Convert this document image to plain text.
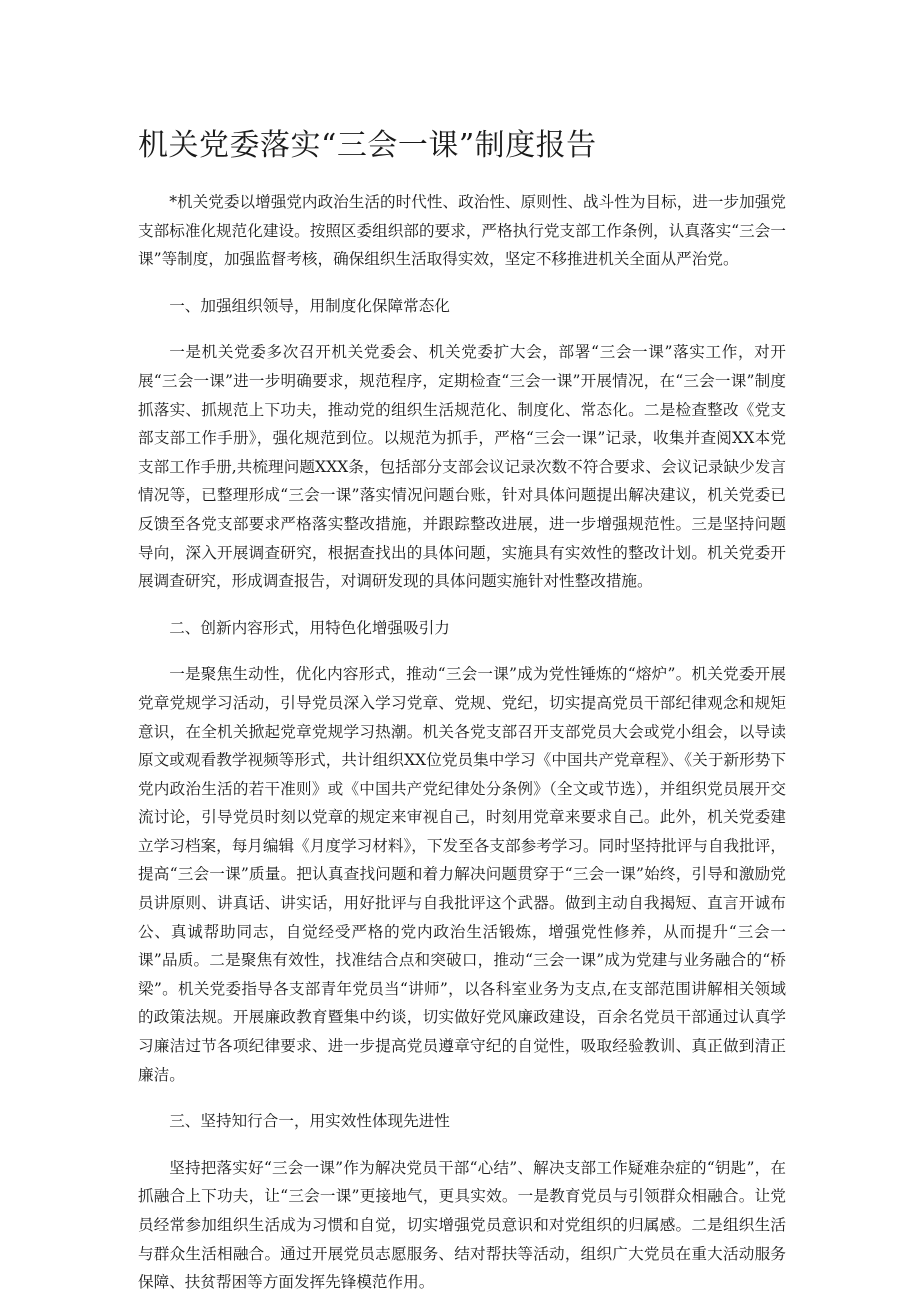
机关党委落实“三会一课”制度报告

*机关党委以增强党内政治生活的时代性、政治性、原则性、战斗性为目标，进一步加强党支部标准化规范化建设。按照区委组织部的要求，严格执行党支部工作条例，认真落实“三会一课”等制度，加强监督考核，确保组织生活取得实效，坚定不移推进机关全面从严治党。

一、加强组织领导，用制度化保障常态化

一是机关党委多次召开机关党委会、机关党委扩大会，部署“三会一课”落实工作，对开展“三会一课”进一步明确要求，规范程序，定期检查“三会一课”开展情况，在“三会一课”制度抓落实、抓规范上下功夫，推动党的组织生活规范化、制度化、常态化。二是检查整改《党支部支部工作手册》，强化规范到位。以规范为抓手，严格“三会一课”记录，收集并查阅XX本党支部工作手册,共梳理问题XXX条，包括部分支部会议记录次数不符合要求、会议记录缺少发言情况等，已整理形成“三会一课”落实情况问题台账，针对具体问题提出解决建议，机关党委已反馈至各党支部要求严格落实整改措施，并跟踪整改进展，进一步增强规范性。三是坚持问题导向，深入开展调查研究，根据查找出的具体问题，实施具有实效性的整改计划。机关党委开展调查研究，形成调查报告，对调研发现的具体问题实施针对性整改措施。

二、创新内容形式，用特色化增强吸引力

一是聚焦生动性，优化内容形式，推动“三会一课”成为党性锤炼的“熔炉”。机关党委开展党章党规学习活动，引导党员深入学习党章、党规、党纪，切实提高党员干部纪律观念和规矩意识，在全机关掀起党章党规学习热潮。机关各党支部召开支部党员大会或党小组会，以导读原文或观看教学视频等形式，共计组织XX位党员集中学习《中国共产党章程》、《关于新形势下党内政治生活的若干准则》或《中国共产党纪律处分条例》（全文或节选），并组织党员展开交流讨论，引导党员时刻以党章的规定来审视自己，时刻用党章来要求自己。此外，机关党委建立学习档案，每月编辑《月度学习材料》，下发至各支部参考学习。同时坚持批评与自我批评，提高“三会一课”质量。把认真查找问题和着力解决问题贯穿于“三会一课”始终，引导和激励党员讲原则、讲真话、讲实话，用好批评与自我批评这个武器。做到主动自我揭短、直言开诚布公、真诚帮助同志，自觉经受严格的党内政治生活锻炼，增强党性修养，从而提升“三会一课”品质。二是聚焦有效性，找准结合点和突破口，推动“三会一课”成为党建与业务融合的“桥梁”。机关党委指导各支部青年党员当“讲师”，以各科室业务为支点,在支部范围讲解相关领域的政策法规。开展廉政教育暨集中约谈，切实做好党风廉政建设，百余名党员干部通过认真学习廉洁过节各项纪律要求、进一步提高党员遵章守纪的自觉性，吸取经验教训、真正做到清正廉洁。

三、坚持知行合一，用实效性体现先进性

坚持把落实好“三会一课”作为解决党员干部“心结”、解决支部工作疑难杂症的“钥匙”，在抓融合上下功夫，让“三会一课”更接地气，更具实效。一是教育党员与引领群众相融合。让党员经常参加组织生活成为习惯和自觉，切实增强党员意识和对党组织的归属感。二是组织生活与群众生活相融合。通过开展党员志愿服务、结对帮扶等活动，组织广大党员在重大活动服务保障、扶贫帮困等方面发挥先锋模范作用。
